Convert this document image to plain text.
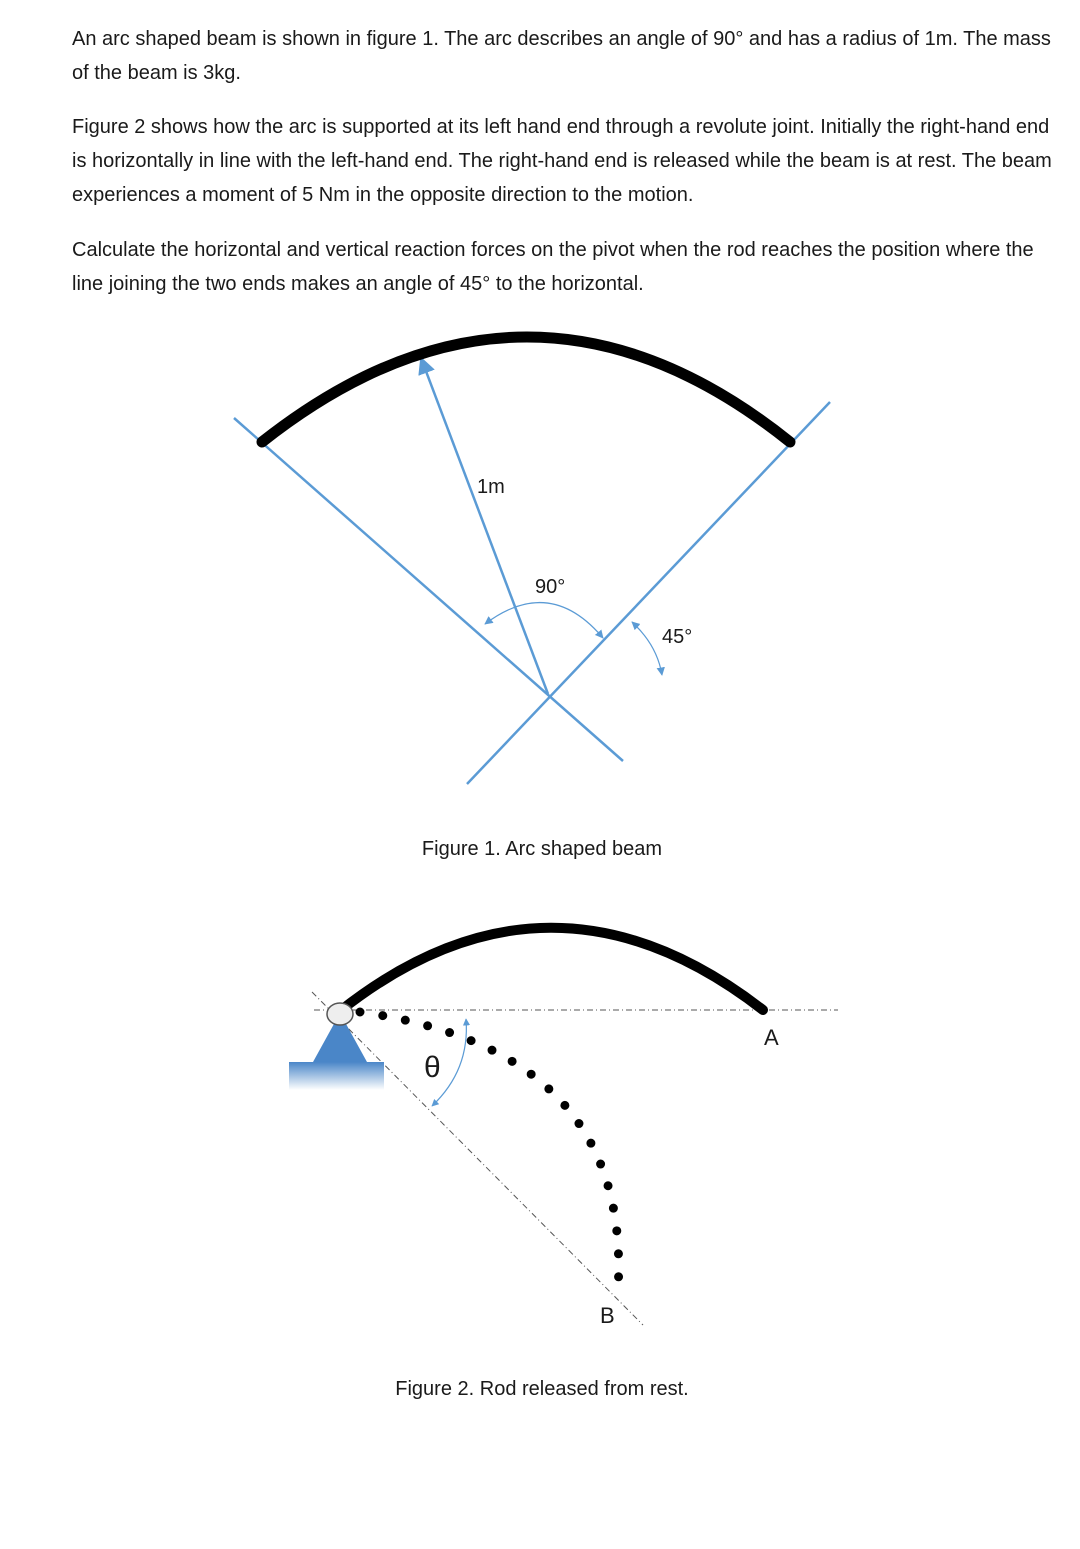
An arc shaped beam is shown in figure 1. The arc describes an angle of 90° and has a radius of 1m. The mass of the beam is 3kg.

Figure 2 shows how the arc is supported at its left hand end through a revolute joint. Initially the right-hand end is horizontally in line with the left-hand end. The right-hand end is released while the beam is at rest. The beam experiences a moment of 5 Nm in the opposite direction to the motion.

Calculate the horizontal and vertical reaction forces on the pivot when the rod reaches the position where the line joining the two ends makes an angle of 45° to the horizontal.

1m
90°
45°

Figure 1. Arc shaped beam

θ
A
B

Figure 2. Rod released from rest.
